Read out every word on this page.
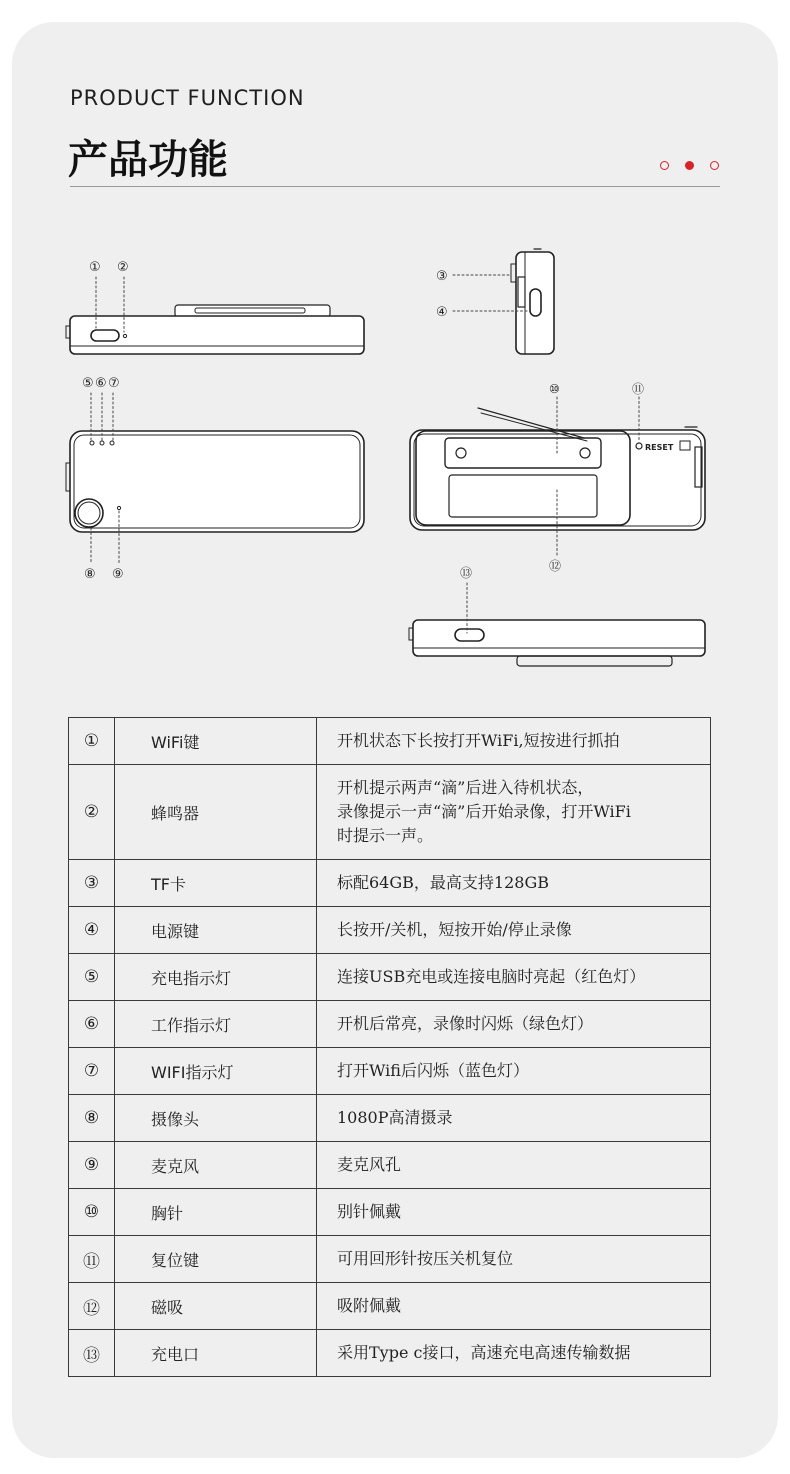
PRODUCT FUNCTION
产品功能
① ②
③
④
⑤ ⑥ ⑦
⑧ ⑨
RESET
⑩	⑪
⑫
⑬
①	WiFi键	开机状态下长按打开WiFi,短按进行抓拍
②	蜂鸣器	开机提示两声“滴”后进入待机状态，
录像提示一声“滴”后开始录像，打开WiFi
时提示一声。

③	TF卡	标配64GB，最高支持128GB
④	电源键	长按开/关机，短按开始/停止录像
⑤	充电指示灯	连接USB充电或连接电脑时亮起（红色灯）
⑥	工作指示灯	开机后常亮，录像时闪烁（绿色灯）
⑦	WIFI指示灯	打开Wifi后闪烁（蓝色灯）
⑧	摄像头	1080P高清摄录
⑨	麦克风	麦克风孔
⑩	胸针	别针佩戴
⑪	复位键	可用回形针按压关机复位
⑫	磁吸	吸附佩戴
⑬	充电口	采用Type c接口，高速充电高速传输数据
